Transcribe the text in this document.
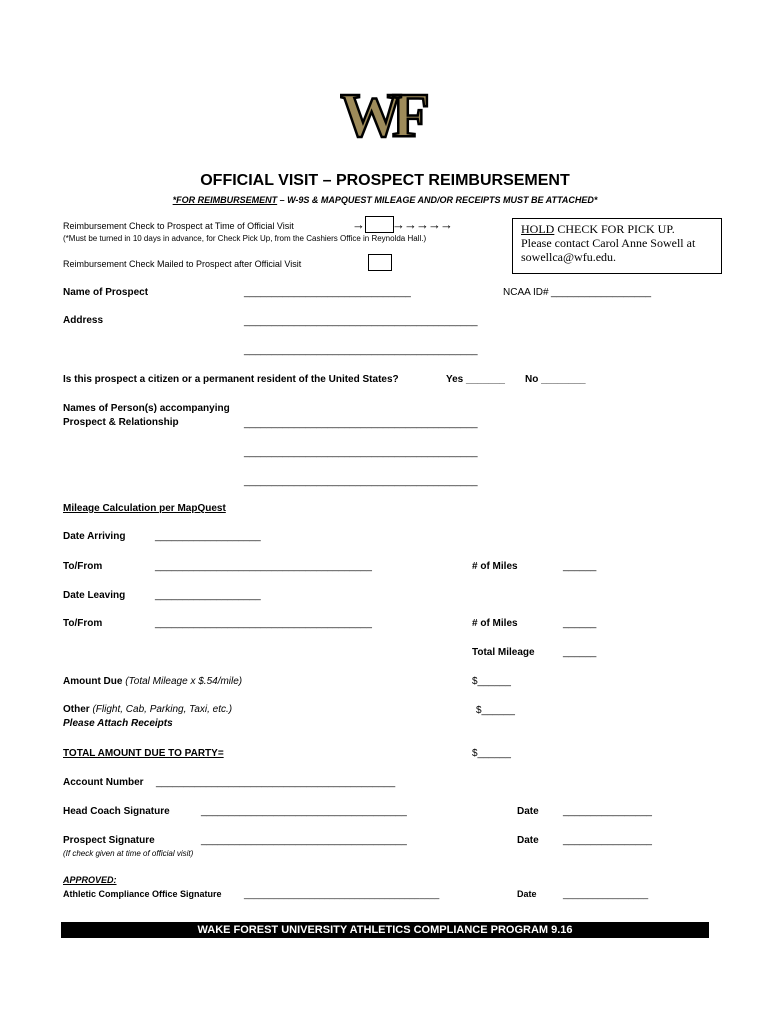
WF
OFFICIAL VISIT – PROSPECT REIMBURSEMENT
*FOR REIMBURSEMENT – W-9S & MAPQUEST MILEAGE AND/OR RECEIPTS MUST BE ATTACHED*
Reimbursement Check to Prospect at Time of Official Visit	→ →→→→→
(*Must be turned in 10 days in advance, for Check Pick Up, from the Cashiers Office in Reynolda Hall.)
HOLD CHECK FOR PICK UP.
Please contact Carol Anne Sowell at
sowellca@wfu.edu.
Reimbursement Check Mailed to Prospect after Official Visit
Name of Prospect	______________________________	NCAA ID# __________________
Address	__________________________________________
__________________________________________
Is this prospect a citizen or a permanent resident of the United States?	Yes _______ No ________
Names of Person(s) accompanying
Prospect & Relationship	__________________________________________
__________________________________________
__________________________________________
Mileage Calculation per MapQuest
Date Arriving	___________________
To/From	_______________________________________	# of Miles	______
Date Leaving	___________________
To/From	_______________________________________	# of Miles	______
Total Mileage	______
Amount Due (Total Mileage x $.54/mile)	$______
Other (Flight, Cab, Parking, Taxi, etc.)
Please Attach Receipts
$______
TOTAL AMOUNT DUE TO PARTY=	$______
Account Number ___________________________________________
Head Coach Signature	_____________________________________	Date ________________
Prospect Signature	_____________________________________	Date ________________
(If check given at time of official visit)
APPROVED:
Athletic Compliance Office Signature _______________________________________	Date	_________________
WAKE FOREST UNIVERSITY ATHLETICS COMPLIANCE PROGRAM 9.16
